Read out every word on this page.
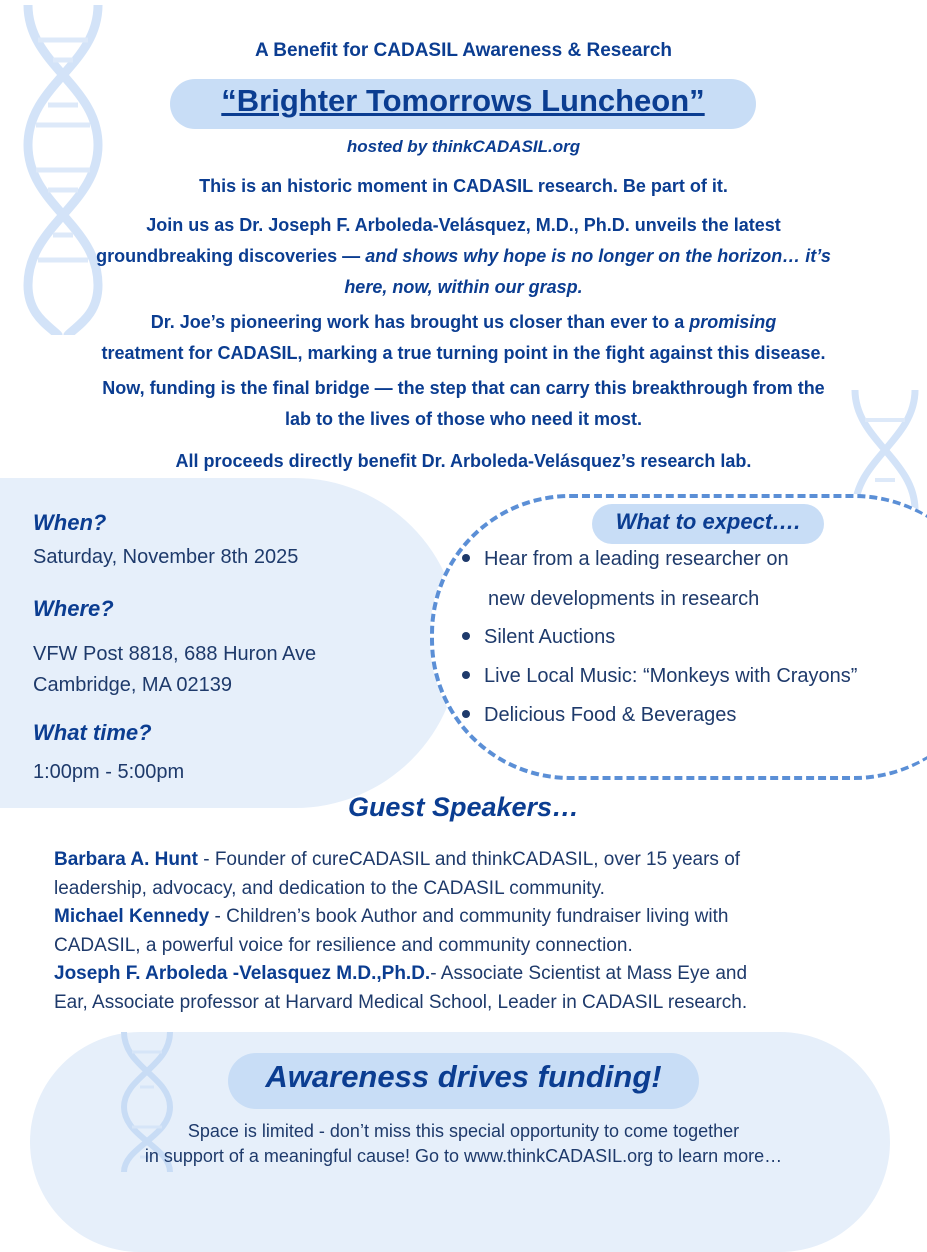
A Benefit for CADASIL Awareness & Research
“Brighter Tomorrows Luncheon”
hosted by thinkCADASIL.org
This is an historic moment in CADASIL research. Be part of it.
Join us as Dr. Joseph F. Arboleda-Velásquez, M.D., Ph.D. unveils the latest
groundbreaking discoveries — and shows why hope is no longer on the horizon… it’s
here, now, within our grasp.
Dr. Joe’s pioneering work has brought us closer than ever to a promising
treatment for CADASIL, marking a true turning point in the fight against this disease.
Now, funding is the final bridge — the step that can carry this breakthrough from the
lab to the lives of those who need it most.
All proceeds directly benefit Dr. Arboleda-Velásquez’s research lab.
When?
Saturday, November 8th 2025
Where?
VFW Post 8818, 688 Huron Ave
Cambridge, MA 02139
What time?
1:00pm - 5:00pm
What to expect….
Hear from a leading researcher on
new developments in research
Silent Auctions
Live Local Music: “Monkeys with Crayons”
Delicious Food & Beverages
Guest Speakers…
Barbara A. Hunt - Founder of cureCADASIL and thinkCADASIL, over 15 years of
leadership, advocacy, and dedication to the CADASIL community.
Michael Kennedy - Children’s book Author and community fundraiser living with
CADASIL, a powerful voice for resilience and community connection.
Joseph F. Arboleda -Velasquez M.D.,Ph.D.- Associate Scientist at Mass Eye and
Ear, Associate professor at Harvard Medical School, Leader in CADASIL research.
Awareness drives funding!
Space is limited - don’t miss this special opportunity to come together
in support of a meaningful cause! Go to www.thinkCADASIL.org to learn more…
